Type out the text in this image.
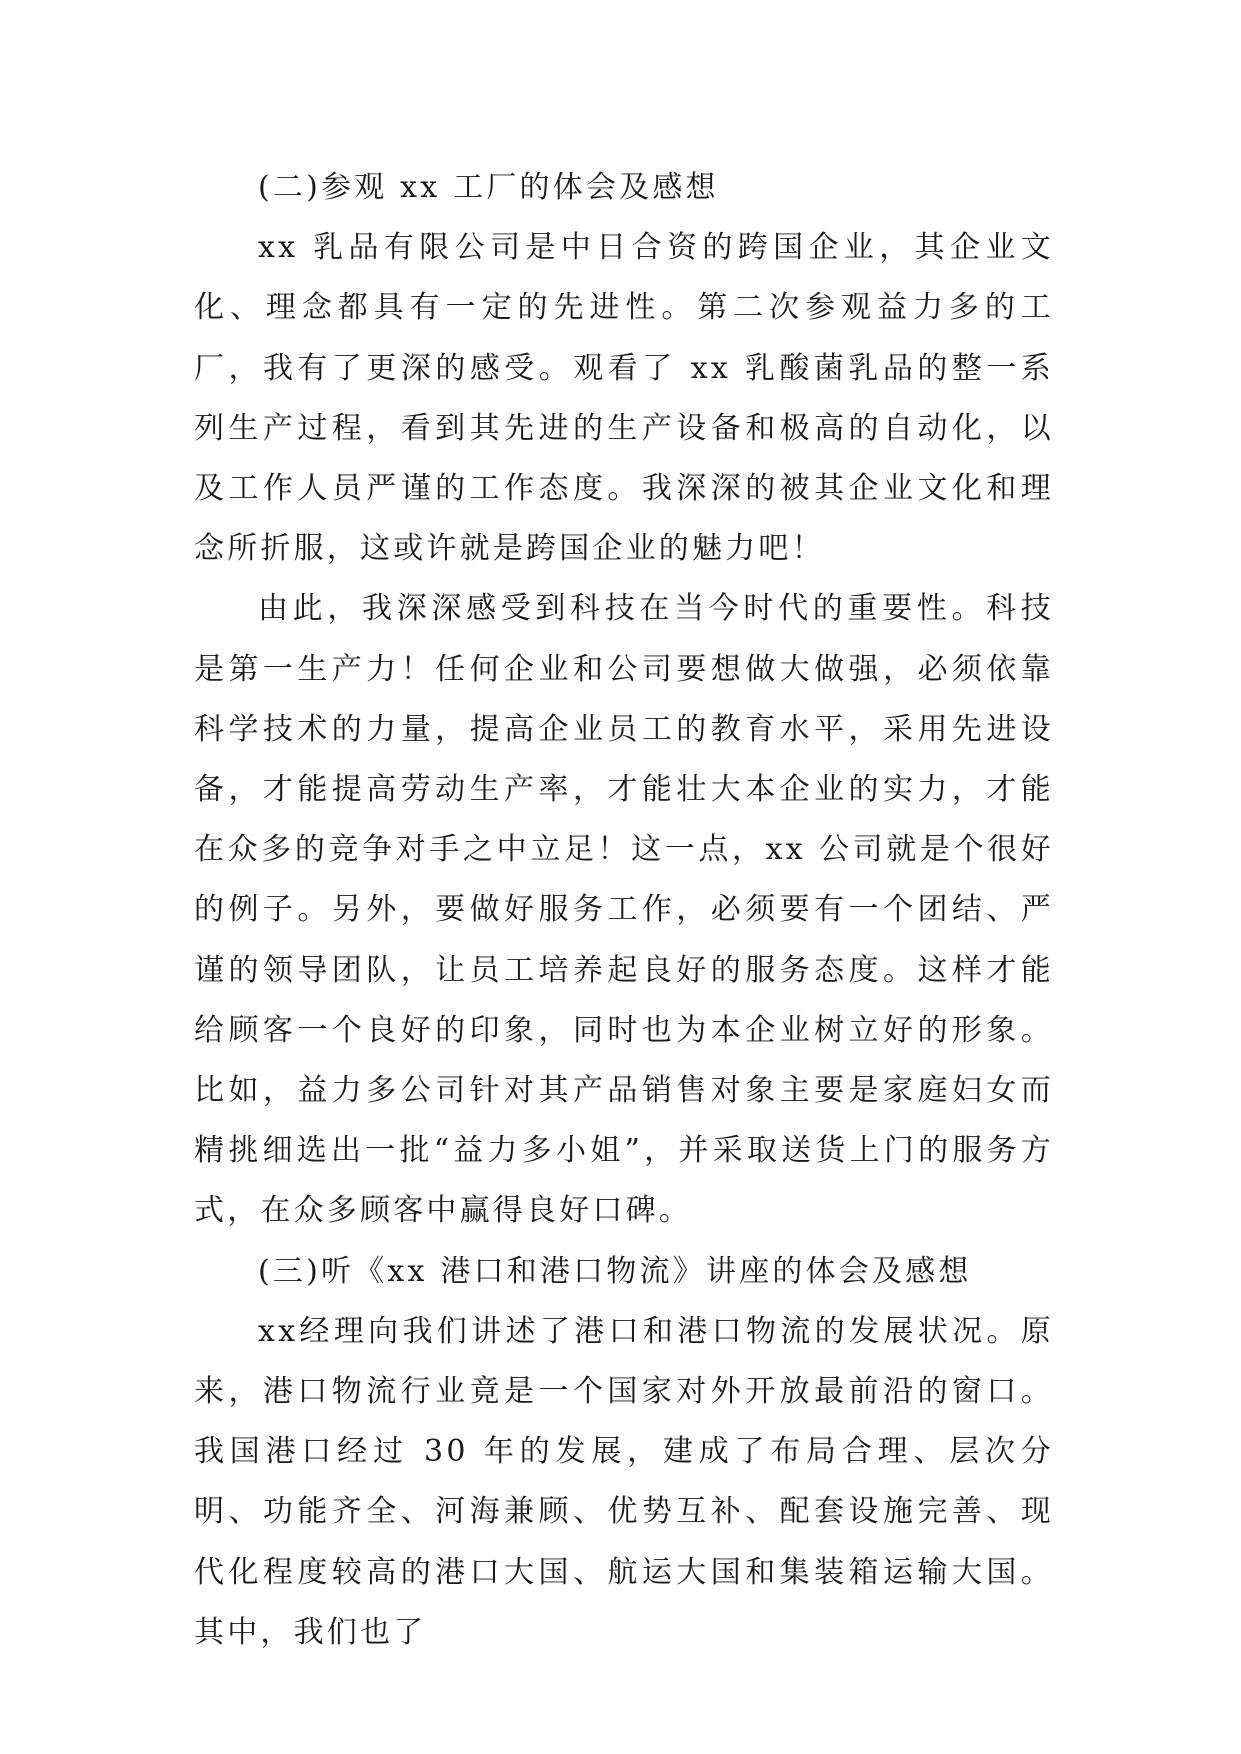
(二)参观 xx 工厂的体会及感想

xx 乳品有限公司是中日合资的跨国企业，其企业文化、理念都具有一定的先进性。第二次参观益力多的工厂，我有了更深的感受。观看了 xx 乳酸菌乳品的整一系列生产过程，看到其先进的生产设备和极高的自动化，以及工作人员严谨的工作态度。我深深的被其企业文化和理念所折服，这或许就是跨国企业的魅力吧！

由此，我深深感受到科技在当今时代的重要性。科技是第一生产力！任何企业和公司要想做大做强，必须依靠科学技术的力量，提高企业员工的教育水平，采用先进设备，才能提高劳动生产率，才能壮大本企业的实力，才能在众多的竞争对手之中立足！这一点，xx 公司就是个很好的例子。另外，要做好服务工作，必须要有一个团结、严谨的领导团队，让员工培养起良好的服务态度。这样才能给顾客一个良好的印象，同时也为本企业树立好的形象。比如，益力多公司针对其产品销售对象主要是家庭妇女而精挑细选出一批“益力多小姐”，并采取送货上门的服务方式，在众多顾客中赢得良好口碑。

(三)听《xx 港口和港口物流》讲座的体会及感想

xx经理向我们讲述了港口和港口物流的发展状况。原来，港口物流行业竟是一个国家对外开放最前沿的窗口。我国港口经过 30 年的发展，建成了布局合理、层次分明、功能齐全、河海兼顾、优势互补、配套设施完善、现代化程度较高的港口大国、航运大国和集装箱运输大国。其中，我们也了
